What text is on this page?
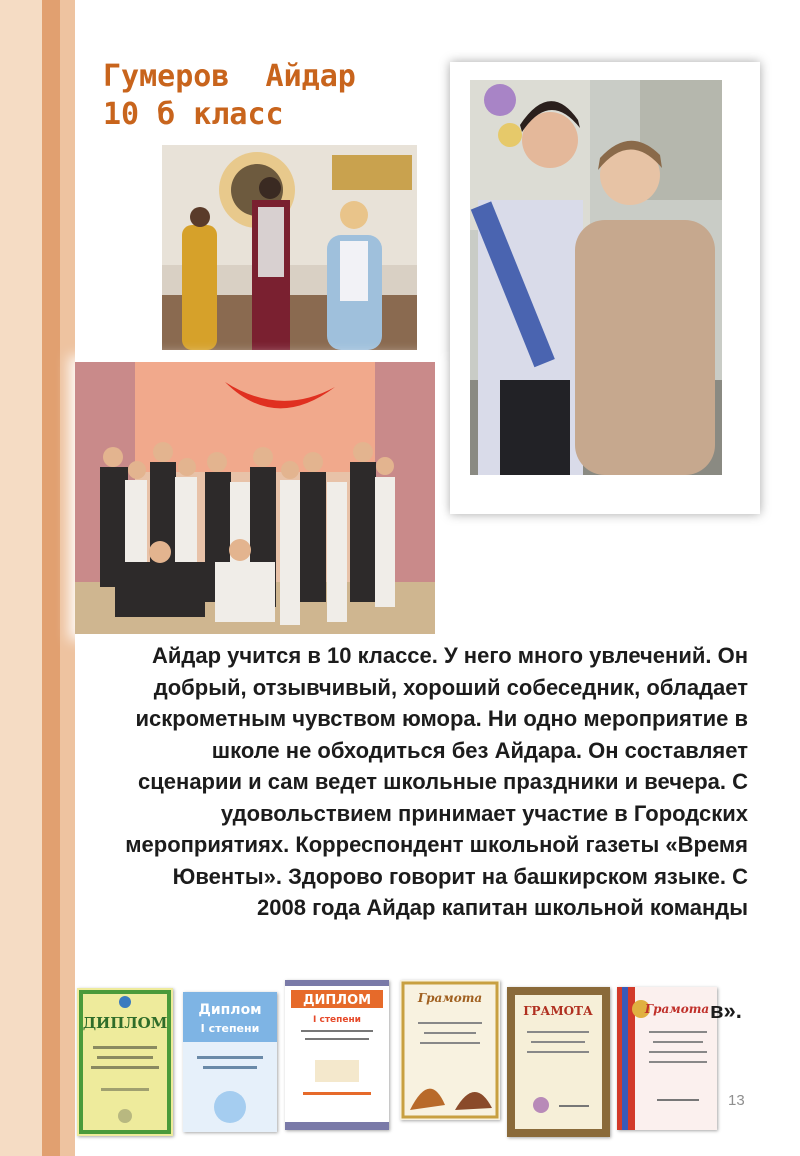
Гумеров  Айдар
10 б класс

Айдар учится в 10 классе. У него много увлечений. Он добрый, отзывчивый, хороший собеседник, обладает искрометным чувством юмора. Ни одно мероприятие в школе не обходиться без Айдара. Он составляет сценарии и сам ведет школьные праздники и вечера. С удовольствием принимает участие в Городских мероприятиях. Корреспондент школьной газеты «Время Ювенты». Здорово говорит на башкирском языке. С 2008 года Айдар капитан школьной команды

ДИПЛОМ
Диплом
I степени
ДИПЛОМ
I степени
Грамота
ГРАМОТА	Грамота в».
13
